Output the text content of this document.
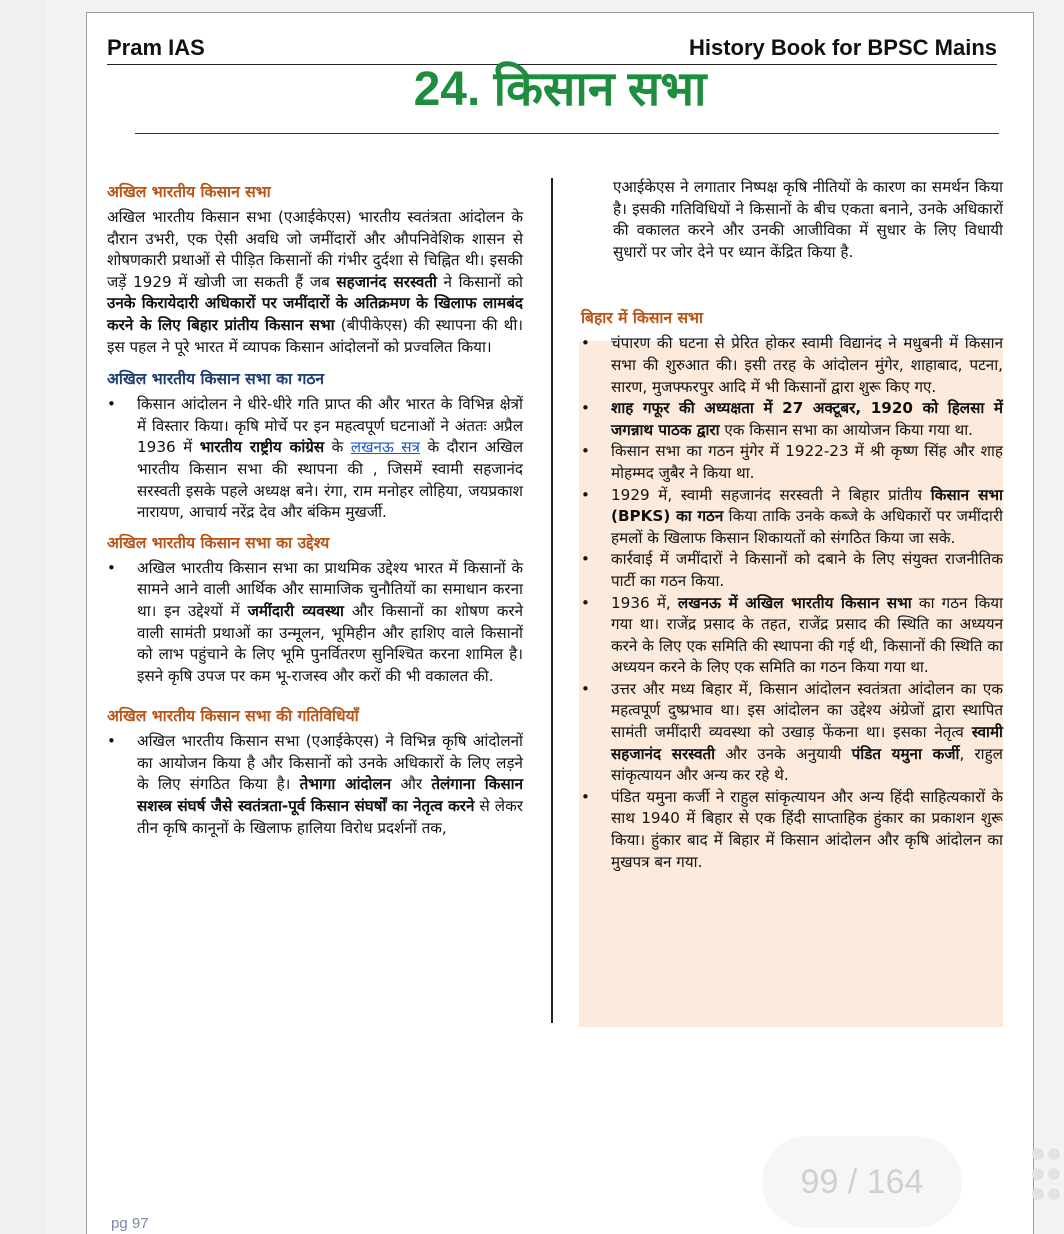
Pram IAS	History Book for BPSC Mains
24. किसान सभा
अखिल भारतीय किसान सभा

अखिल भारतीय किसान सभा (एआईकेएस) भारतीय स्वतंत्रता आंदोलन के दौरान उभरी, एक ऐसी अवधि जो जमींदारों और औपनिवेशिक शासन से शोषणकारी प्रथाओं से पीड़ित किसानों की गंभीर दुर्दशा से चिह्नित थी। इसकी जड़ें 1929 में खोजी जा सकती हैं जब सहजानंद सरस्वती ने किसानों को उनके किरायेदारी अधिकारों पर जमींदारों के अतिक्रमण के खिलाफ लामबंद करने के लिए बिहार प्रांतीय किसान सभा (बीपीकेएस) की स्थापना की थी। इस पहल ने पूरे भारत में व्यापक किसान आंदोलनों को प्रज्वलित किया।

अखिल भारतीय किसान सभा का गठन
• किसान आंदोलन ने धीरे-धीरे गति प्राप्त की और भारत के विभिन्न क्षेत्रों में विस्तार किया। कृषि मोर्चे पर इन महत्वपूर्ण घटनाओं ने अंततः अप्रैल 1936 में भारतीय राष्ट्रीय कांग्रेस के लखनऊ सत्र के दौरान अखिल भारतीय किसान सभा की स्थापना की , जिसमें स्वामी सहजानंद सरस्वती इसके पहले अध्यक्ष बने। रंगा, राम मनोहर लोहिया, जयप्रकाश नारायण, आचार्य नरेंद्र देव और बंकिम मुखर्जी.
अखिल भारतीय किसान सभा का उद्देश्य
• अखिल भारतीय किसान सभा का प्राथमिक उद्देश्य भारत में किसानों के सामने आने वाली आर्थिक और सामाजिक चुनौतियों का समाधान करना था। इन उद्देश्यों में जमींदारी व्यवस्था और किसानों का शोषण करने वाली सामंती प्रथाओं का उन्मूलन, भूमिहीन और हाशिए वाले किसानों को लाभ पहुंचाने के लिए भूमि पुनर्वितरण सुनिश्चित करना शामिल है। इसने कृषि उपज पर कम भू-राजस्व और करों की भी वकालत की.
अखिल भारतीय किसान सभा की गतिविधियाँ
• अखिल भारतीय किसान सभा (एआईकेएस) ने विभिन्न कृषि आंदोलनों का आयोजन किया है और किसानों को उनके अधिकारों के लिए लड़ने के लिए संगठित किया है। तेभागा आंदोलन और तेलंगाना किसान सशस्त्र संघर्ष जैसे स्वतंत्रता-पूर्व किसान संघर्षों का नेतृत्व करने से लेकर तीन कृषि कानूनों के खिलाफ हालिया विरोध प्रदर्शनों तक,

एआईकेएस ने लगातार निष्पक्ष कृषि नीतियों के कारण का समर्थन किया है। इसकी गतिविधियों ने किसानों के बीच एकता बनाने, उनके अधिकारों की वकालत करने और उनकी आजीविका में सुधार के लिए विधायी सुधारों पर जोर देने पर ध्यान केंद्रित किया है.

बिहार में किसान सभा
• चंपारण की घटना से प्रेरित होकर स्वामी विद्यानंद ने मधुबनी में किसान सभा की शुरुआत की। इसी तरह के आंदोलन मुंगेर, शाहाबाद, पटना, सारण, मुजफ्फरपुर आदि में भी किसानों द्वारा शुरू किए गए.
• शाह गफूर की अध्यक्षता में 27 अक्टूबर, 1920 को हिलसा में जगन्नाथ पाठक द्वारा एक किसान सभा का आयोजन किया गया था.
• किसान सभा का गठन मुंगेर में 1922-23 में श्री कृष्ण सिंह और शाह मोहम्मद जुबैर ने किया था.
• 1929 में, स्वामी सहजानंद सरस्वती ने बिहार प्रांतीय किसान सभा (BPKS) का गठन किया ताकि उनके कब्जे के अधिकारों पर जमींदारी हमलों के खिलाफ किसान शिकायतों को संगठित किया जा सके.
• कार्रवाई में जमींदारों ने किसानों को दबाने के लिए संयुक्त राजनीतिक पार्टी का गठन किया.
• 1936 में, लखनऊ में अखिल भारतीय किसान सभा का गठन किया गया था। राजेंद्र प्रसाद के तहत, राजेंद्र प्रसाद की स्थिति का अध्ययन करने के लिए एक समिति की स्थापना की गई थी, किसानों की स्थिति का अध्ययन करने के लिए एक समिति का गठन किया गया था.
• उत्तर और मध्य बिहार में, किसान आंदोलन स्वतंत्रता आंदोलन का एक महत्वपूर्ण दुष्प्रभाव था। इस आंदोलन का उद्देश्य अंग्रेजों द्वारा स्थापित सामंती जमींदारी व्यवस्था को उखाड़ फेंकना था। इसका नेतृत्व स्वामी सहजानंद सरस्वती और उनके अनुयायी पंडित यमुना कर्जी, राहुल सांकृत्यायन और अन्य कर रहे थे.
• पंडित यमुना कर्जी ने राहुल सांकृत्यायन और अन्य हिंदी साहित्यकारों के साथ 1940 में बिहार से एक हिंदी साप्ताहिक हुंकार का प्रकाशन शुरू किया। हुंकार बाद में बिहार में किसान आंदोलन और कृषि आंदोलन का मुखपत्र बन गया.
pg 97
99 / 164
